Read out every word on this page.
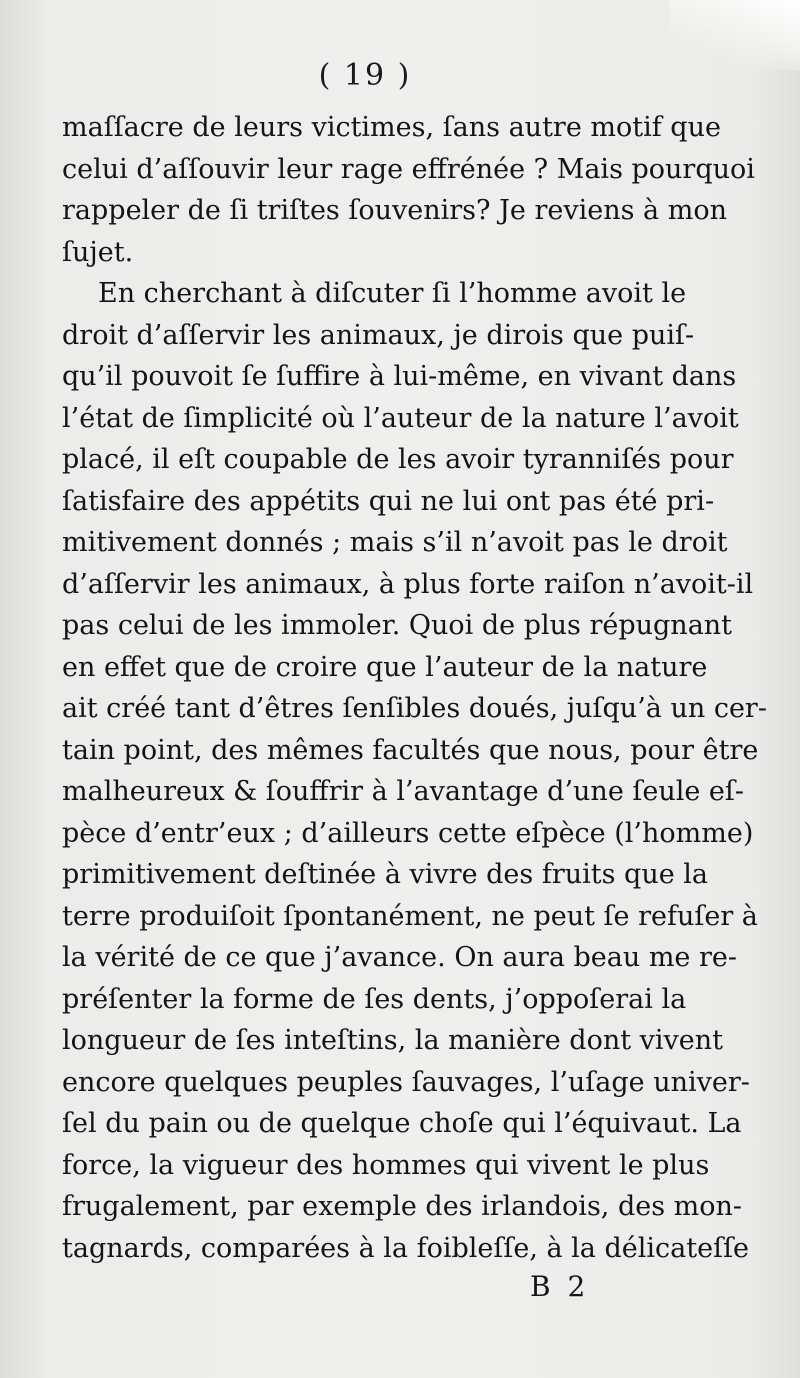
( 19 )
maſſacre de leurs victimes, ſans autre motif que
celui d’aſſouvir leur rage effrénée ? Mais pourquoi
rappeler de ſi triſtes ſouvenirs? Je reviens à mon
ſujet.
En cherchant à diſcuter ſi l’homme avoit le
droit d’aſſervir les animaux, je dirois que puiſ-
qu’il pouvoit ſe ſuffire à lui-même, en vivant dans
l’état de ſimplicité où l’auteur de la nature l’avoit
placé, il eſt coupable de les avoir tyranniſés pour
ſatisfaire des appétits qui ne lui ont pas été pri-
mitivement donnés ; mais s’il n’avoit pas le droit
d’aſſervir les animaux, à plus forte raiſon n’avoit-il
pas celui de les immoler. Quoi de plus répugnant
en effet que de croire que l’auteur de la nature
ait créé tant d’êtres ſenſibles doués, juſqu’à un cer-
tain point, des mêmes facultés que nous, pour être
malheureux & ſouffrir à l’avantage d’une ſeule eſ-
pèce d’entr’eux ; d’ailleurs cette eſpèce (l’homme)
primitivement deſtinée à vivre des fruits que la
terre produiſoit ſpontanément, ne peut ſe refuſer à
la vérité de ce que j’avance. On aura beau me re-
préſenter la forme de ſes dents, j’oppoſerai la
longueur de ſes inteſtins, la manière dont vivent
encore quelques peuples ſauvages, l’uſage univer-
ſel du pain ou de quelque choſe qui l’équivaut. La
force, la vigueur des hommes qui vivent le plus
frugalement, par exemple des irlandois, des mon-
tagnards, comparées à la foibleſſe, à la délicateſſe
B 2
